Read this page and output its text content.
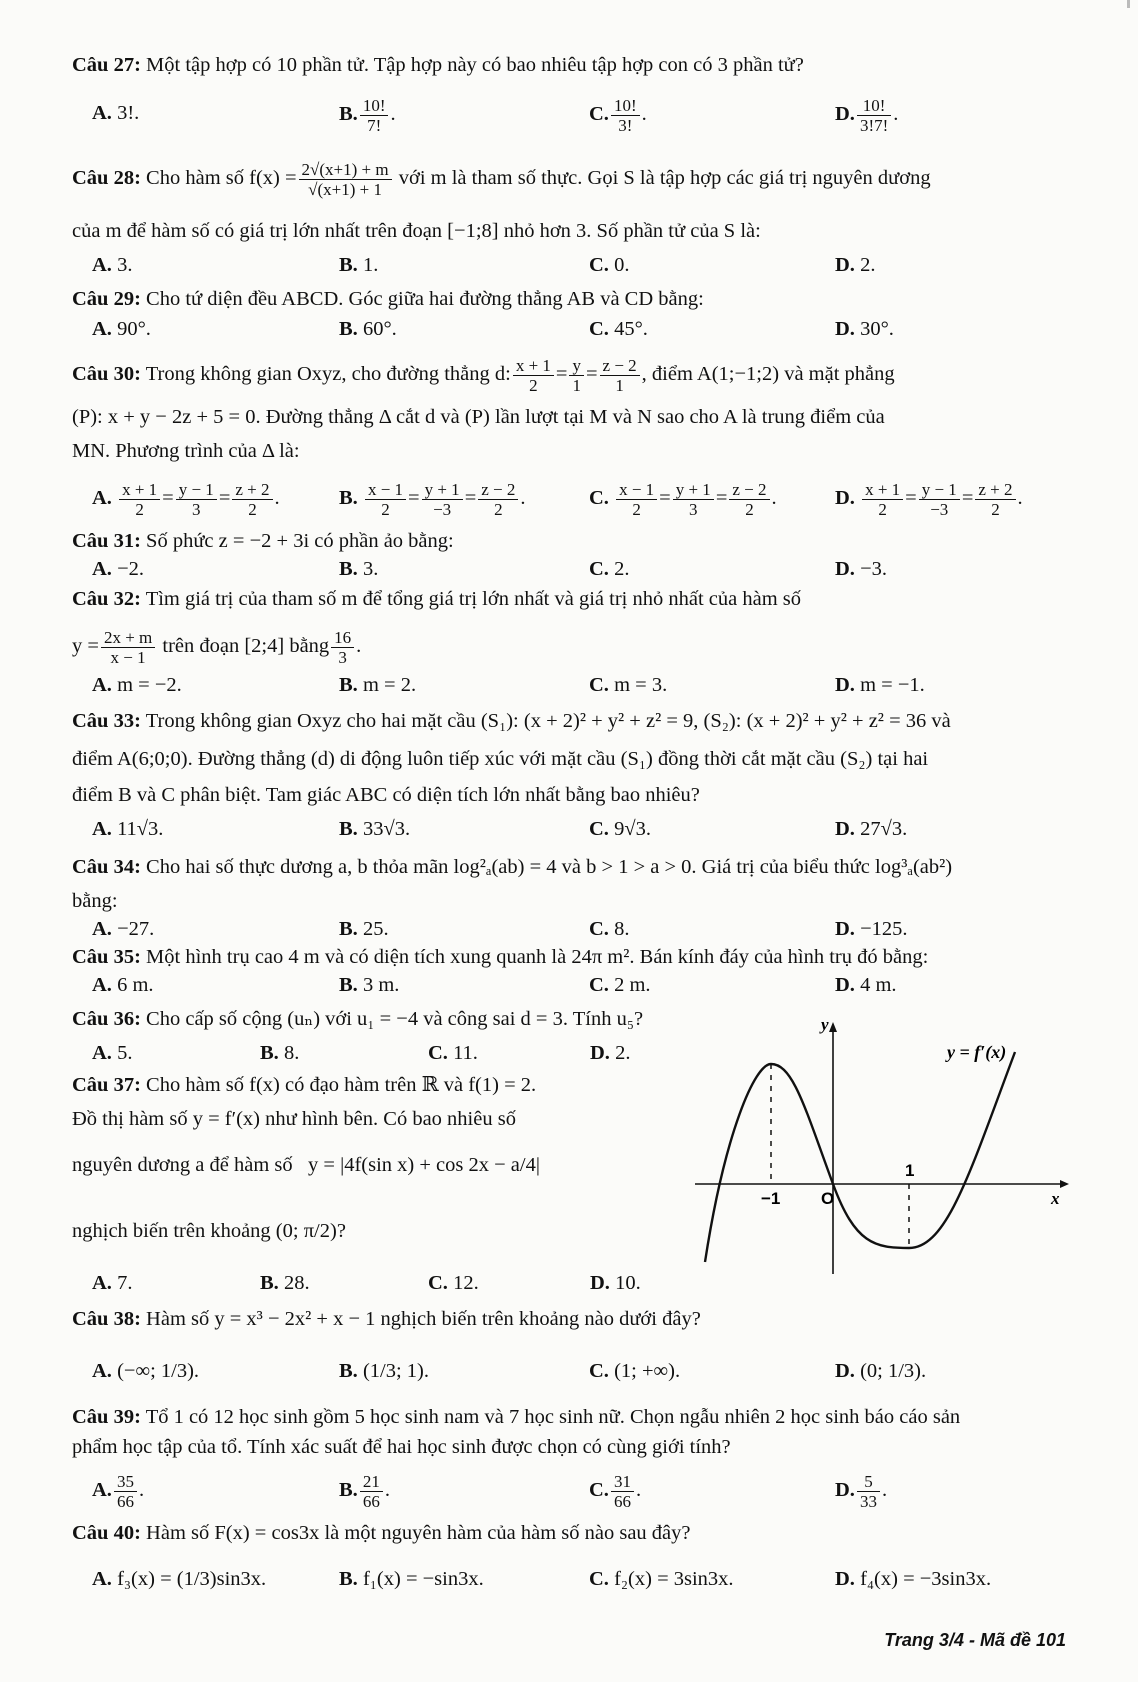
Câu 27: Một tập hợp có 10 phần tử. Tập hợp này có bao nhiêu tập hợp con có 3 phần tử?
A. 3!.	B. $\frac{10!}{7!}$ .	C. $\frac{10!}{3!}$ .	D. $\frac{10!}{3!7!}$ .
Câu 28: Cho hàm số $f(x) = \frac{2√(x+1) + m}{√(x+1) + 1}$ với m là tham số thực. Gọi S là tập hợp các giá trị nguyên dương
của m để hàm số có giá trị lớn nhất trên đoạn [−1;8] nhỏ hơn 3. Số phần tử của S là:
A. 3.	B. 1.	C. 0.	D. 2.
Câu 29: Cho tứ diện đều ABCD. Góc giữa hai đường thẳng AB và CD bằng:
A. 90°.	B. 60°.	C. 45°.	D. 30°.
Câu 30: Trong không gian Oxyz, cho đường thẳng d: $\frac{x + 1}{2} = \frac{y}{1} = \frac{z - 2}{1}$ , điểm A(1;−1;2) và mặt phẳng
(P): x + y − 2z + 5 = 0. Đường thẳng Δ cắt d và (P) lần lượt tại M và N sao cho A là trung điểm của
MN. Phương trình của Δ là:
A. $\frac{x + 1}{2} = \frac{y - 1}{3} = \frac{z + 2}{2}$ .	B. $\frac{x - 1}{2} = \frac{y + 1}{-3} = \frac{z - 2}{2}$ .	C. $\frac{x - 1}{2} = \frac{y + 1}{3} = \frac{z - 2}{2}$ .	D. $\frac{x + 1}{2} = \frac{y - 1}{-3} = \frac{z + 2}{2}$ .
Câu 31: Số phức z = −2 + 3i có phần ảo bằng:
A. −2.	B. 3.	C. 2.	D. −3.
Câu 32: Tìm giá trị của tham số m để tổng giá trị lớn nhất và giá trị nhỏ nhất của hàm số
$y = \frac{2x + m}{x - 1}$ trên đoạn [2;4] bằng $\frac{16}{3}$ .
A. m = −2.	B. m = 2.	C. m = 3.	D. m = −1.
Câu 33: Trong không gian Oxyz cho hai mặt cầu (S₁): (x + 2)² + y² + z² = 9, (S₂): (x + 2)² + y² + z² = 36 và
điểm A(6;0;0). Đường thẳng (d) di động luôn tiếp xúc với mặt cầu (S₁) đồng thời cắt mặt cầu (S₂) tại hai
điểm B và C phân biệt. Tam giác ABC có diện tích lớn nhất bằng bao nhiêu?
A. 11√3.	B. 33√3.	C. 9√3.	D. 27√3.
Câu 34: Cho hai số thực dương a, b thỏa mãn log²ₐ(ab) = 4 và b > 1 > a > 0. Giá trị của biểu thức log³ₐ(ab²)
bằng:
A. −27.	B. 25.	C. 8.	D. −125.
Câu 35: Một hình trụ cao 4 m và có diện tích xung quanh là 24π m². Bán kính đáy của hình trụ đó bằng:
A. 6 m.	B. 3 m.	C. 2 m.	D. 4 m.
Câu 36: Cho cấp số cộng (uₙ) với u₁ = −4 và công sai d = 3. Tính u₅?
A. 5.	B. 8.	C. 11.	D. 2.
Câu 37: Cho hàm số f(x) có đạo hàm trên ℝ và f(1) = 2.
Đồ thị hàm số y = f′(x) như hình bên. Có bao nhiêu số
nguyên dương a để hàm số y = |4f(sin x) + cos 2x − a/4|
nghịch biến trên khoảng (0; π/2)?
A. 7.	B. 28.	C. 12.	D. 10.
y
x
y = f′(x)
−1 O
1
Câu 38: Hàm số y = x³ − 2x² + x − 1 nghịch biến trên khoảng nào dưới đây?
A. (−∞; 1/3).	B. (1/3; 1).	C. (1; +∞).	D. (0; 1/3).
Câu 39: Tổ 1 có 12 học sinh gồm 5 học sinh nam và 7 học sinh nữ. Chọn ngẫu nhiên 2 học sinh báo cáo sản
phẩm học tập của tổ. Tính xác suất để hai học sinh được chọn có cùng giới tính?
A. $\frac{35}{66}$ .	B. $\frac{21}{66}$ .	C. $\frac{31}{66}$ .	D. $\frac{5}{33}$ .
Câu 40: Hàm số F(x) = cos3x là một nguyên hàm của hàm số nào sau đây?
A. f₃(x) = (1/3)sin3x.	B. f₁(x) = −sin3x.	C. f₂(x) = 3sin3x.	D. f₄(x) = −3sin3x.
Trang 3/4 - Mã đề 101
